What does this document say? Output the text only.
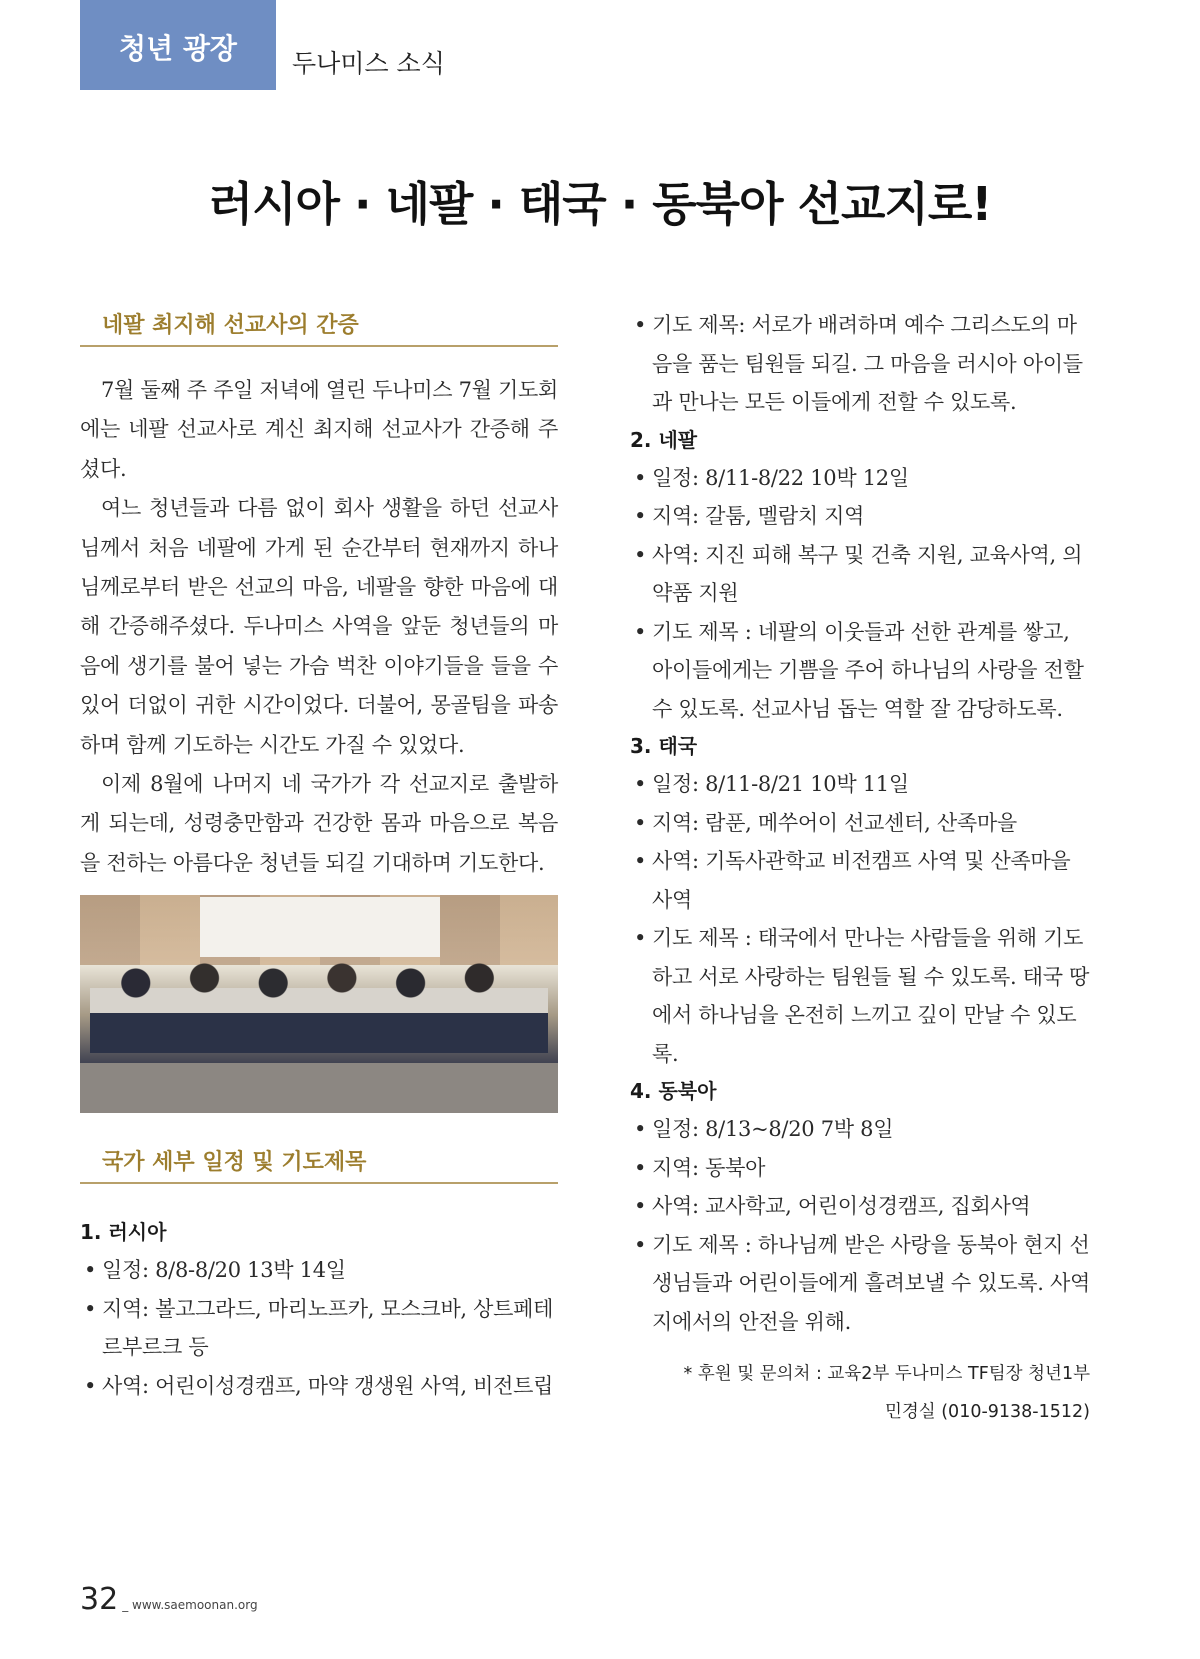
청년 광장	두나미스 소식
러시아 · 네팔 · 태국 · 동북아 선교지로!
네팔 최지해 선교사의 간증

7월 둘째 주 주일 저녁에 열린 두나미스 7월 기도회에는 네팔 선교사로 계신 최지해 선교사가 간증해 주셨다.

여느 청년들과 다름 없이 회사 생활을 하던 선교사님께서 처음 네팔에 가게 된 순간부터 현재까지 하나님께로부터 받은 선교의 마음, 네팔을 향한 마음에 대해 간증해주셨다. 두나미스 사역을 앞둔 청년들의 마음에 생기를 불어 넣는 가슴 벅찬 이야기들을 들을 수 있어 더없이 귀한 시간이었다. 더불어, 몽골팀을 파송하며 함께 기도하는 시간도 가질 수 있었다.

이제 8월에 나머지 네 국가가 각 선교지로 출발하게 되는데, 성령충만함과 건강한 몸과 마음으로 복음을 전하는 아름다운 청년들 되길 기대하며 기도한다.

국가 세부 일정 및 기도제목
1. 러시아
• 일정: 8/8-8/20 13박 14일
• 지역: 볼고그라드, 마리노프카, 모스크바, 상트페테르부르크 등
• 사역: 어린이성경캠프, 마약 갱생원 사역, 비전트립
• 기도 제목: 서로가 배려하며 예수 그리스도의 마음을 품는 팀원들 되길. 그 마음을 러시아 아이들과 만나는 모든 이들에게 전할 수 있도록.
2. 네팔
• 일정: 8/11-8/22 10박 12일
• 지역: 갈툼, 멜람치 지역
• 사역: 지진 피해 복구 및 건축 지원, 교육사역, 의약품 지원
• 기도 제목 : 네팔의 이웃들과 선한 관계를 쌓고, 아이들에게는 기쁨을 주어 하나님의 사랑을 전할 수 있도록. 선교사님 돕는 역할 잘 감당하도록.
3. 태국
• 일정: 8/11-8/21 10박 11일
• 지역: 람푼, 메쑤어이 선교센터, 산족마을
• 사역: 기독사관학교 비전캠프 사역 및 산족마을 사역
• 기도 제목 : 태국에서 만나는 사람들을 위해 기도하고 서로 사랑하는 팀원들 될 수 있도록. 태국 땅에서 하나님을 온전히 느끼고 깊이 만날 수 있도록.
4. 동북아
• 일정: 8/13~8/20 7박 8일
• 지역: 동북아
• 사역: 교사학교, 어린이성경캠프, 집회사역
• 기도 제목 : 하나님께 받은 사랑을 동북아 현지 선생님들과 어린이들에게 흘려보낼 수 있도록. 사역지에서의 안전을 위해.
* 후원 및 문의처 : 교육2부 두나미스 TF팀장 청년1부
민경실 (010-9138-1512)
32 _ www.saemoonan.org
